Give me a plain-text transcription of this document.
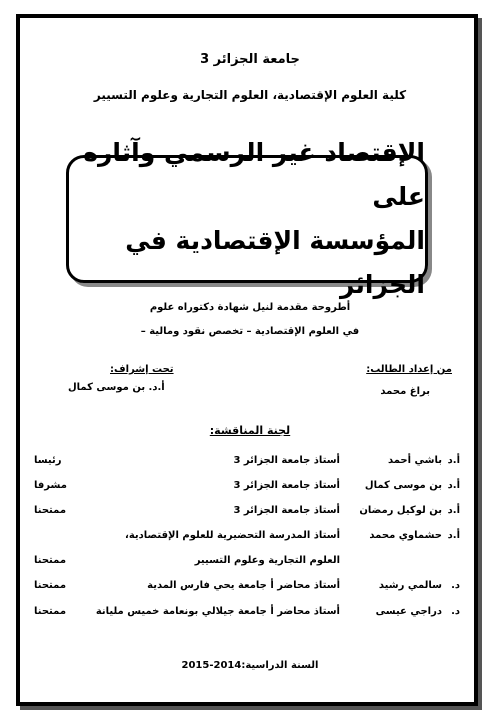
جامعة الجزائر 3
كلية العلوم الإقتصادية، العلوم التجارية وعلوم التسيير
الإقتصاد غير الرسمي وآثاره على
المؤسسة الإقتصادية في الجزائر
أطروحة مقدمة لنيل شهادة دكتوراه علوم
في العلوم الإقتصادية – تخصص نقود ومالية –
من إعداد الطالب:
براغ محمد
تحت إشراف:
أ.د. بن موسى كمال
لجنة المناقشة:
أ.د
باشي أحمد
أستاذ جامعة الجزائر 3
رئيسا
أ.د
بن موسى كمال
أستاذ جامعة الجزائر 3
مشرفا
أ.د
بن لوكيل رمضان
أستاذ جامعة الجزائر 3
ممتحنا
أ.د
حشماوي محمد
أستاذ المدرسة التحضيرية للعلوم الإقتصادية،
العلوم التجارية وعلوم التسيير
ممتحنا
د.
سالمي رشيد
أستاذ محاضر أ جامعة يحي فارس المدية
ممتحنا
د.
دراجي عيسى
أستاذ محاضر أ جامعة جيلالي بونعامة خميس مليانة
ممتحنا
السنة الدراسية:2014-2015
